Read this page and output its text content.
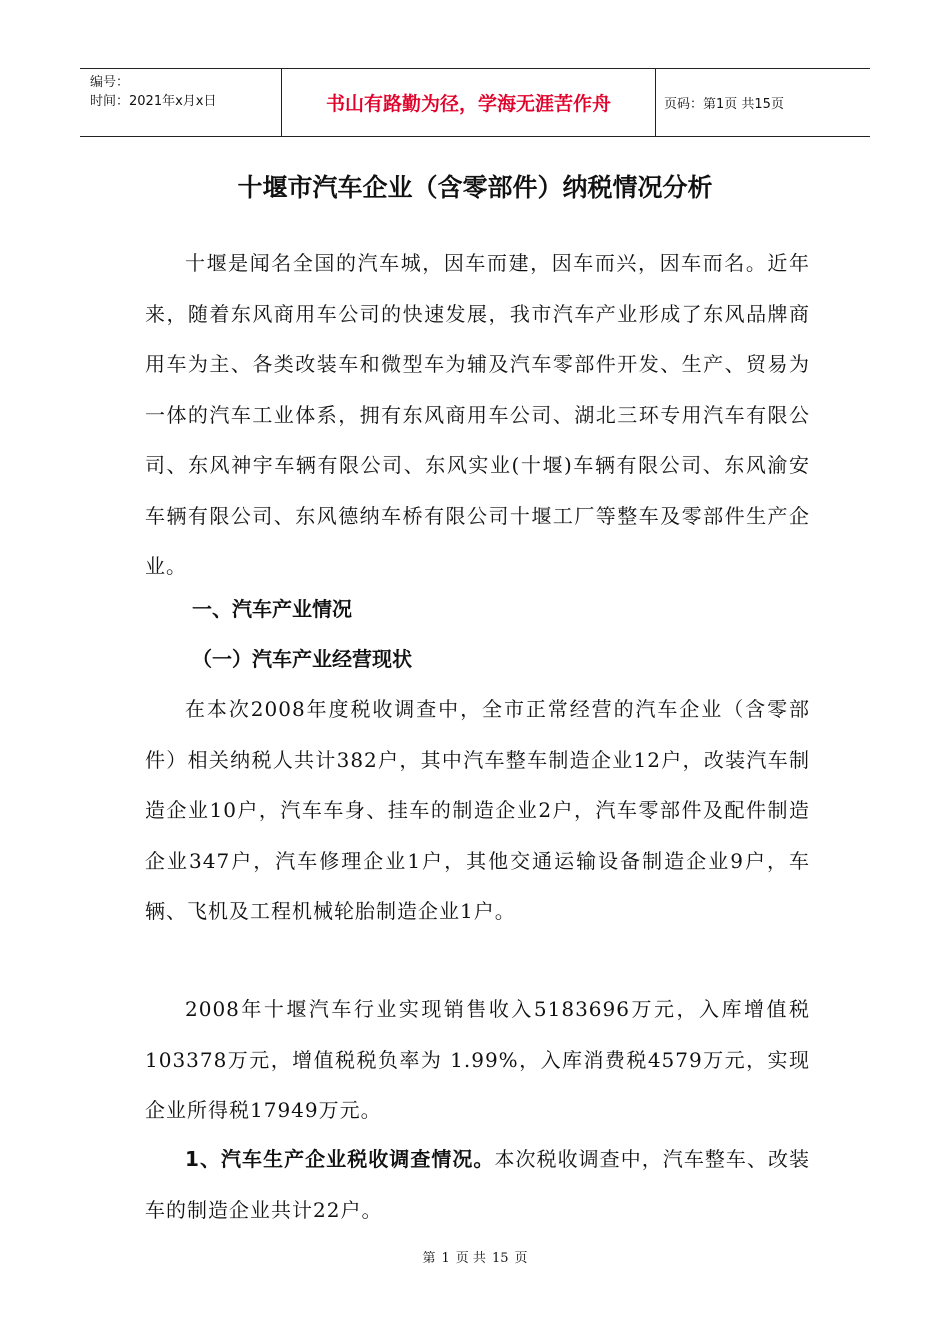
编号：
时间：2021年x月x日	书山有路勤为径，学海无涯苦作舟	页码：第1页 共15页
十堰市汽车企业（含零部件）纳税情况分析

十堰是闻名全国的汽车城，因车而建，因车而兴，因车而名。近年来，随着东风商用车公司的快速发展，我市汽车产业形成了东风品牌商用车为主、各类改装车和微型车为辅及汽车零部件开发、生产、贸易为一体的汽车工业体系，拥有东风商用车公司、湖北三环专用汽车有限公司、东风神宇车辆有限公司、东风实业(十堰)车辆有限公司、东风渝安车辆有限公司、东风德纳车桥有限公司十堰工厂等整车及零部件生产企业。

一、汽车产业情况

（一）汽车产业经营现状

在本次2008年度税收调查中，全市正常经营的汽车企业（含零部件）相关纳税人共计382户，其中汽车整车制造企业12户，改装汽车制造企业10户，汽车车身、挂车的制造企业2户，汽车零部件及配件制造企业347户，汽车修理企业1户，其他交通运输设备制造企业9户，车辆、飞机及工程机械轮胎制造企业1户。

2008年十堰汽车行业实现销售收入5183696万元，入库增值税103378万元，增值税税负率为 1.99%，入库消费税4579万元，实现企业所得税17949万元。

1、汽车生产企业税收调查情况。本次税收调查中，汽车整车、改装车的制造企业共计22户。

第 1 页 共 15 页
